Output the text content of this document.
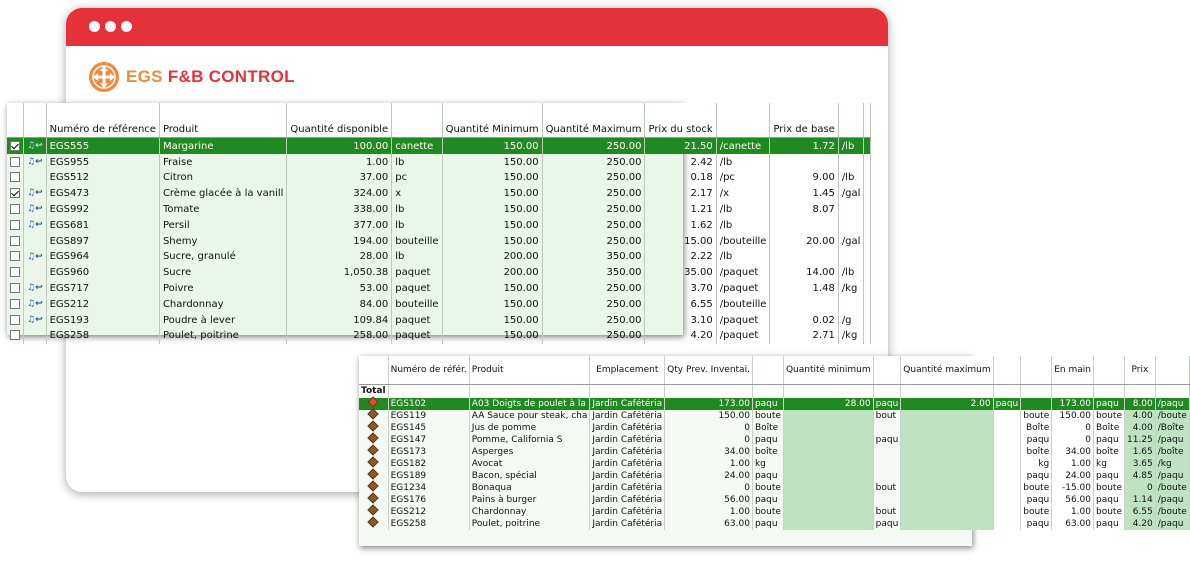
EGS F&B CONTROL
		Numéro de référence	Produit	Quantité disponible		Quantité Minimum	Quantité Maximum	Prix du stock		Prix de base		
	♫↩	EGS555	Margarine	100.00	canette	150.00	250.00	21.50	/canette	1.72	/lb	
	♫↩	EGS955	Fraise	1.00	lb	150.00	250.00	2.42	/lb			
		EGS512	Citron	37.00	pc	150.00	250.00	0.18	/pc	9.00	/lb	
	♫↩	EGS473	Crème glacée à la vanill	324.00	x	150.00	250.00	2.17	/x	1.45	/gal	
	♫↩	EGS992	Tomate	338.00	lb	150.00	250.00	1.21	/lb	8.07		
	♫↩	EGS681	Persil	377.00	lb	150.00	250.00	1.62	/lb			
		EGS897	Shemy	194.00	bouteille	150.00	250.00	15.00	/bouteille	20.00	/gal	
	♫↩	EGS964	Sucre, granulé	28.00	lb	200.00	350.00	2.22	/lb			
		EGS960	Sucre	1,050.38	paquet	200.00	350.00	35.00	/paquet	14.00	/lb	
	♫↩	EGS717	Poivre	53.00	paquet	150.00	250.00	3.70	/paquet	1.48	/kg	
	♫↩	EGS212	Chardonnay	84.00	bouteille	150.00	250.00	6.55	/bouteille			
	♫↩	EGS193	Poudre à lever	109.84	paquet	150.00	250.00	3.10	/paquet	0.02	/g	
		EGS258	Poulet, poitrine	258.00	paquet	150.00	250.00	4.20	/paquet	2.71	/kg	
	Numéro de référ.	Produit	Emplacement	Qty Prev. Inventai.		Quantité minimum		Quantité maximum			En main		Prix	
Total														
	EGS102	A03 Doigts de poulet à la	Jardin Cafétéria	173.00	paqu	28.00	paqu	2.00	paqu		173.00	paqu	8.00	/paqu
	EGS119	AA Sauce pour steak, cha	Jardin Cafétéria	150.00	boute		bout			boute	150.00	boute	4.00	/boute
	EGS145	Jus de pomme	Jardin Cafétéria	0	Boîte					Boîte	0	Boîte	4.00	/Boîte
	EGS147	Pomme, California S	Jardin Cafétéria	0	paqu		paqu			paqu	0	paqu	11.25	/paqu
	EGS173	Asperges	Jardin Cafétéria	34.00	boîte					boîte	34.00	boîte	1.65	/boîte
	EGS182	Avocat	Jardin Cafétéria	1.00	kg					kg	1.00	kg	3.65	/kg
	EGS189	Bacon, spécial	Jardin Cafétéria	24.00	paqu					paqu	24.00	paqu	4.85	/paqu
	EG1234	Bonaqua	Jardin Cafétéria	0	boute		bout			boute	-15.00	boute	0	/boute
	EGS176	Pains à burger	Jardin Cafétéria	56.00	paqu					paqu	56.00	paqu	1.14	/paqu
	EGS212	Chardonnay	Jardin Cafétéria	1.00	boute		bout			boute	1.00	boute	6.55	/boute
	EGS258	Poulet, poitrine	Jardin Cafétéria	63.00	paqu		paqu			paqu	63.00	paqu	4.20	/paqu
